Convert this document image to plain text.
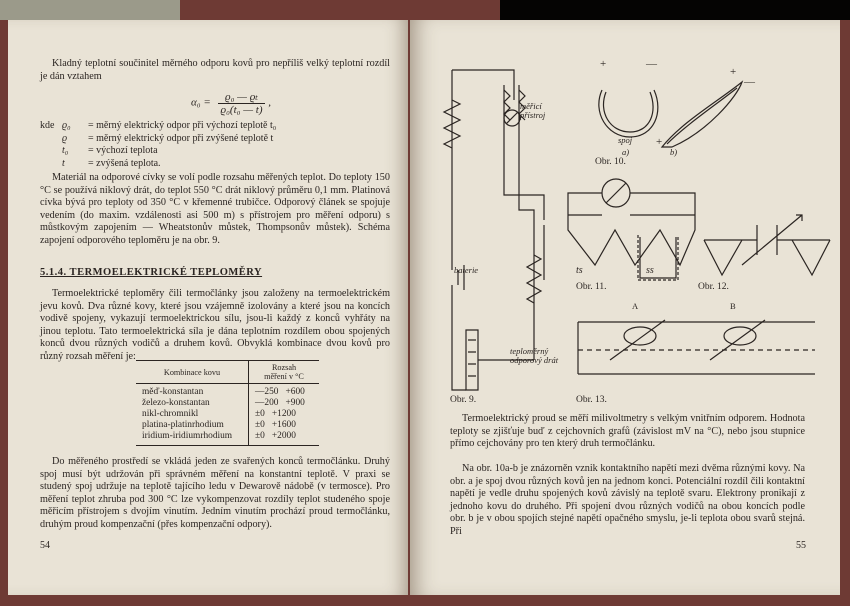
Kladný teplotní součinitel měrného odporu kovů pro nepříliš velký teplotní rozdíl je dán vztahem

$\alpha_0 = \frac{\text{ϱ₀ — ϱₜ}}{\text{ϱ₀(t₀ — t)}}$ ,
kde ϱ₀ = měrný elektrický odpor při výchozí teplotě t₀
ϱ = měrný elektrický odpor při zvýšené teplotě t
t₀ = výchozí teplota
t = zvýšená teplota.

Materiál na odporové cívky se volí podle rozsahu měřených teplot. Do teploty 150 °C se používá niklový drát, do teplot 550 °C drát niklový průměru 0,1 mm. Platinová cívka bývá pro teploty od 350 °C v křemenné trubičce. Odporový článek se spojuje vedením (do maxim. vzdálenosti asi 500 m) s přístrojem pro měření odporu) s můstkovým zapojením — Wheatstonův můstek, Thompsonův můstek). Schéma zapojení odporového teploměru je na obr. 9.

5.1.4. TERMOELEKTRICKÉ TEPLOMĚRY

Termoelektrické teploměry čili termočlánky jsou založeny na termoelektrickém jevu kovů. Dva různé kovy, které jsou vzájemně izolovány a které jsou na koncích vodivě spojeny, vykazují termoelektrickou sílu, jsou-li každý z konců vyhřáty na jinou teplotu. Tato termoelektrická síla je dána teplotním rozdílem obou spojených konců dvou různých vodičů a druhem kovů. Obvyklá kombinace dvou kovů pro různý rozsah měření je:

Kombinace kovu	Rozsah
měření v °C
měď-konstantan	—250   +600
železo-konstantan	—200   +900
nikl-chromnikl	±0   +1200
platina-platinrhodium	±0   +1600
iridium-iridiumrhodium	±0   +2000

Do měřeného prostředí se vkládá jeden ze svařených konců termočlánku. Druhý spoj musí být udržován při správném měření na konstantní teplotě. V praxi se studený spoj udržuje na teplotě tajícího ledu v Dewarově nádobě (v termosce). Pro měření teplot zhruba pod 300 °C lze vykompenzovat rozdíly teplot studeného spoje měřicím přístrojem s dvojím vinutím. Jedním vinutím prochází proud termočlánku, druhým proud kompenzační (přes kompenzační odpory).

54
měřicí
přístroj
baterie
teploměrný
odporový drát
Obr. 9.
+	—
+
—
+
spoj
a)	b)
Obr. 10.
ts	ss
Obr. 11.	Obr. 12.
A	B
Obr. 13.

Termoelektrický proud se měří milivoltmetry s velkým vnitřním odporem. Hodnota teploty se zjišťuje buď z cejchovních grafů (závislost mV na °C), nebo jsou stupnice přímo cejchovány pro ten který druh termočlánku.

Na obr. 10a-b je znázorněn vznik kontaktního napětí mezi dvěma různými kovy. Na obr. a je spoj dvou různých kovů jen na jednom konci. Potenciální rozdíl čili kontaktní napětí je vedle druhu spojených kovů závislý na teplotě svaru. Elektrony pronikají z jednoho kovu do druhého. Při spojení dvou různých vodičů na obou koncích podle obr. b je v obou spojích stejné napětí opačného smyslu, je-li teplota obou svarů stejná. Při

55
